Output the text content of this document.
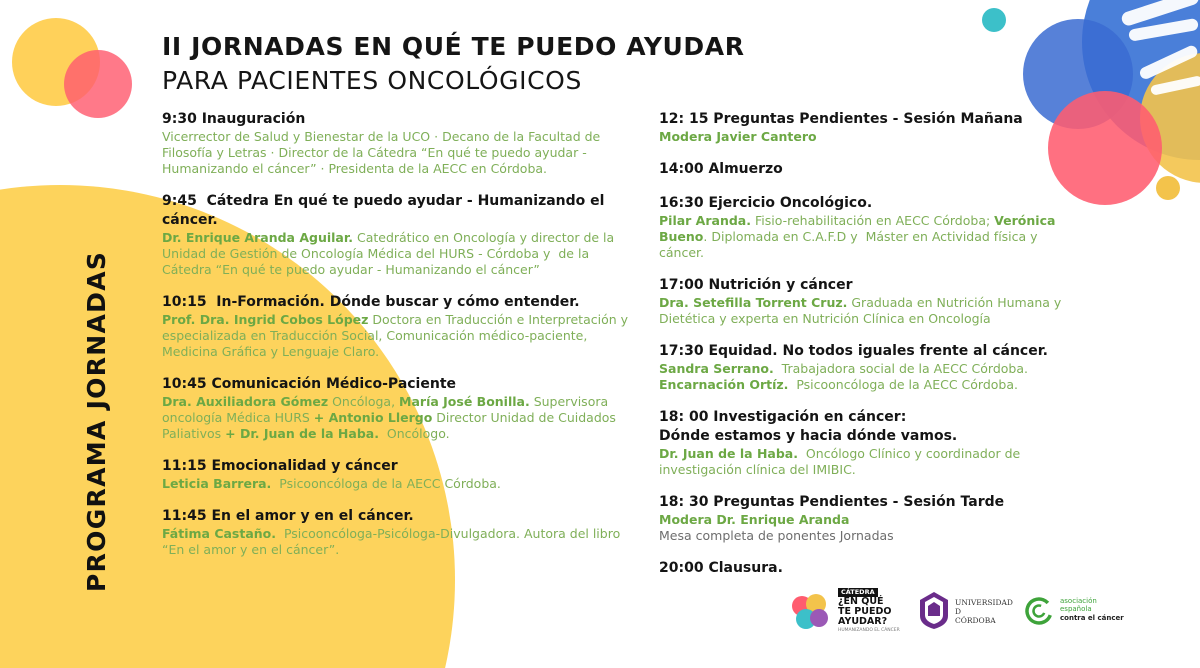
PROGRAMA JORNADAS
II JORNADAS EN QUÉ TE PUEDO AYUDAR
PARA PACIENTES ONCOLÓGICOS
9:30 Inauguración
Vicerrector de Salud y Bienestar de la UCO · Decano de la Facultad de Filosofía y Letras · Director de la Cátedra “En qué te puedo ayudar - Humanizando el cáncer” · Presidenta de la AECC en Córdoba.
9:45  Cátedra En qué te puedo ayudar - Humanizando el cáncer.
Dr. Enrique Aranda Aguilar. Catedrático en Oncología y director de la Unidad de Gestión de Oncología Médica del HURS - Córdoba y  de la Cátedra “En qué te puedo ayudar - Humanizando el cáncer”
10:15  In-Formación. Dónde buscar y cómo entender.
Prof. Dra. Ingrid Cobos López Doctora en Traducción e Interpretación y especializada en Traducción Social, Comunicación médico-paciente, Medicina Gráfica y Lenguaje Claro.
10:45 Comunicación Médico-Paciente
Dra. Auxiliadora Gómez Oncóloga, María José Bonilla. Supervisora oncología Médica HURS + Antonio Llergo Director Unidad de Cuidados Paliativos + Dr. Juan de la Haba.  Oncólogo.
11:15 Emocionalidad y cáncer
Leticia Barrera.  Psicooncóloga de la AECC Córdoba.
11:45 En el amor y en el cáncer.
Fátima Castaño.  Psicooncóloga-Psicóloga-Divulgadora. Autora del libro “En el amor y en el cáncer”.
12: 15 Preguntas Pendientes - Sesión Mañana
Modera Javier Cantero
14:00 Almuerzo
16:30 Ejercicio Oncológico.
Pilar Aranda. Fisio-rehabilitación en AECC Córdoba; Verónica Bueno. Diplomada en C.A.F.D y  Máster en Actividad física y cáncer.
17:00 Nutrición y cáncer
Dra. Setefilla Torrent Cruz. Graduada en Nutrición Humana y Dietética y experta en Nutrición Clínica en Oncología
17:30 Equidad. No todos iguales frente al cáncer.
Sandra Serrano.  Trabajadora social de la AECC Córdoba.
Encarnación Ortíz.  Psicooncóloga de la AECC Córdoba.
18: 00 Investigación en cáncer:
Dónde estamos y hacia dónde vamos.
Dr. Juan de la Haba.  Oncólogo Clínico y coordinador de investigación clínica del IMIBIC.
18: 30 Preguntas Pendientes - Sesión Tarde
Modera Dr. Enrique Aranda
Mesa completa de ponentes Jornadas
20:00 Clausura.
CÁTEDRA
¿EN QUÉ
TE PUEDO
AYUDAR?
HUMANIZANDO EL CÁNCER
UNIVERSIDAD
D
CÓRDOBA
asociación
española
contra el cáncer
